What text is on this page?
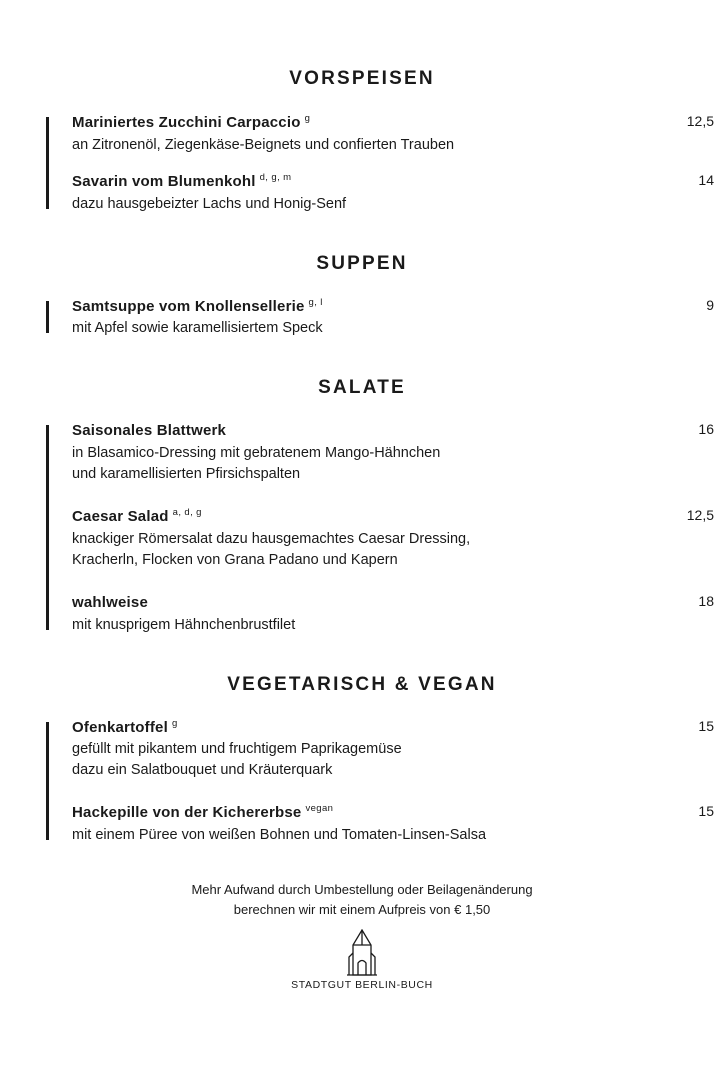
VORSPEISEN
Mariniertes Zucchini Carpaccio $^g$	12,5
an Zitronenöl, Ziegenkäse-Beignets und confierten Trauben
Savarin vom Blumenkohl $^{d, g, m}$	14
dazu hausgebeizter Lachs und Honig-Senf
SUPPEN
Samtsuppe vom Knollensellerie $^{g, l}$	9
mit Apfel sowie karamellisiertem Speck
SALATE
Saisonales Blattwerk	16
in Blasamico-Dressing mit gebratenem Mango-Hähnchen
und karamellisierten Pfirsichspalten
Caesar Salad $^{a, d, g}$	12,5
knackiger Römersalat dazu hausgemachtes Caesar Dressing,
Kracherln, Flocken von Grana Padano und Kapern
wahlweise	18
mit knusprigem Hähnchenbrustfilet
VEGETARISCH & VEGAN
Ofenkartoffel $^g$	15
gefüllt mit pikantem und fruchtigem Paprikagemüse
dazu ein Salatbouquet und Kräuterquark
Hackepille von der Kichererbse $^{vegan}$	15
mit einem Püree von weißen Bohnen und Tomaten-Linsen-Salsa
Mehr Aufwand durch Umbestellung oder Beilagenänderung
berechnen wir mit einem Aufpreis von € 1,50
STADTGUT BERLIN-BUCH
